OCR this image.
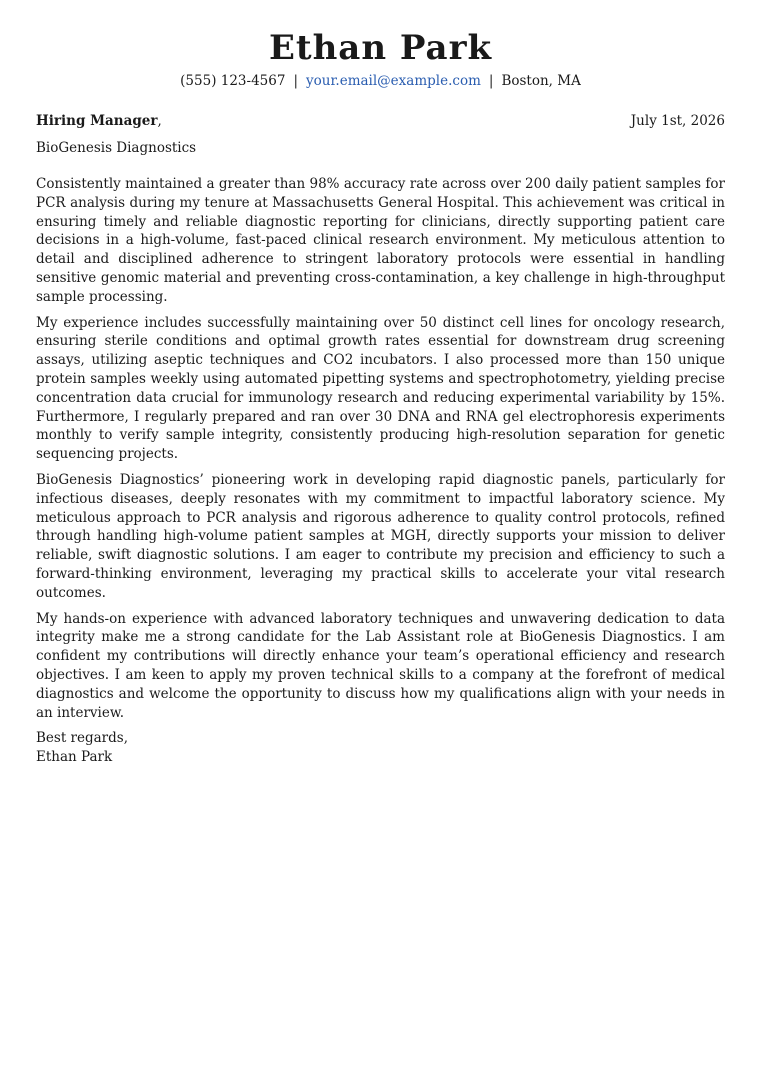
Ethan Park
(555) 123-4567 | your.email@example.com | Boston, MA
Hiring Manager,	July 1st, 2026
BioGenesis Diagnostics

Consistently maintained a greater than 98% accuracy rate across over 200 daily patient samples for PCR analysis during my tenure at Massachusetts General Hospital. This achievement was critical in ensuring timely and reliable diagnostic reporting for clinicians, directly supporting patient care decisions in a high-volume, fast-paced clinical research environment. My meticulous attention to detail and disciplined adherence to stringent laboratory protocols were essential in handling sensitive genomic material and preventing cross-contamination, a key challenge in high-throughput sample processing.

My experience includes successfully maintaining over 50 distinct cell lines for oncology research, ensuring sterile conditions and optimal growth rates essential for downstream drug screening assays, utilizing aseptic techniques and CO2 incubators. I also processed more than 150 unique protein samples weekly using automated pipetting systems and spectrophotometry, yielding precise concentration data crucial for immunology research and reducing experimental variability by 15%. Furthermore, I regularly prepared and ran over 30 DNA and RNA gel electrophoresis experiments monthly to verify sample integrity, consistently producing high-resolution separation for genetic sequencing projects.

BioGenesis Diagnostics’ pioneering work in developing rapid diagnostic panels, particularly for infectious diseases, deeply resonates with my commitment to impactful laboratory science. My meticulous approach to PCR analysis and rigorous adherence to quality control protocols, refined through handling high-volume patient samples at MGH, directly supports your mission to deliver reliable, swift diagnostic solutions. I am eager to contribute my precision and efficiency to such a forward-thinking environment, leveraging my practical skills to accelerate your vital research outcomes.

My hands-on experience with advanced laboratory techniques and unwavering dedication to data integrity make me a strong candidate for the Lab Assistant role at BioGenesis Diagnostics. I am confident my contributions will directly enhance your team’s operational efficiency and research objectives. I am keen to apply my proven technical skills to a company at the forefront of medical diagnostics and welcome the opportunity to discuss how my qualifications align with your needs in an interview.

Best regards,
Ethan Park
